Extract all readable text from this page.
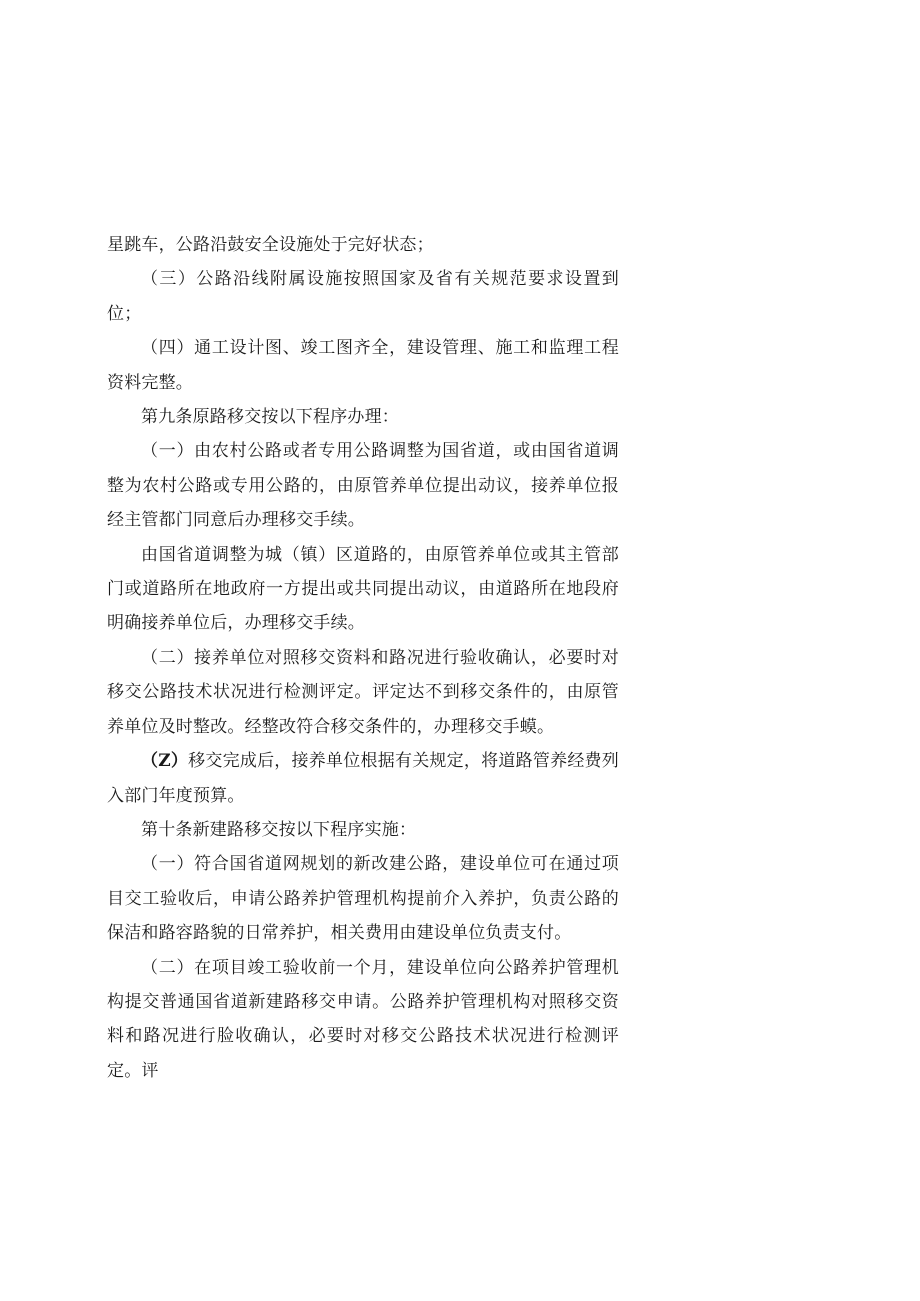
星跳车，公路沿鼓安全设施处于完好状态；

（三）公路沿线附属设施按照国家及省有关规范要求设置到位；

（四）通工设计图、竣工图齐全，建设管理、施工和监理工程资料完整。

第九条原路移交按以下程序办理：

（一）由农村公路或者专用公路调整为国省道，或由国省道调整为农村公路或专用公路的，由原管养单位提出动议，接养单位报经主管都门同意后办理移交手续。

由国省道调整为城（镇）区道路的，由原管养单位或其主管部门或道路所在地政府一方提出或共同提出动议，由道路所在地段府明确接养单位后，办理移交手续。

（二）接养单位对照移交资料和路况进行验收确认，必要时对移交公路技术状况进行检测评定。评定达不到移交条件的，由原管养单位及时整改。经整改符合移交条件的，办理移交手蟆。

（Z）移交完成后，接养单位根据有关规定，将道路管养经费列入部门年度预算。

第十条新建路移交按以下程序实施：

（一）符合国省道网规划的新改建公路，建设单位可在通过项目交工验收后，申请公路养护管理机构提前介入养护，负责公路的保洁和路容路貌的日常养护，相关费用由建设单位负责支付。

（二）在项目竣工验收前一个月，建设单位向公路养护管理机构提交普通国省道新建路移交申请。公路养护管理机构对照移交资料和路况进行脸收确认，必要时对移交公路技术状况进行检测评定。评
